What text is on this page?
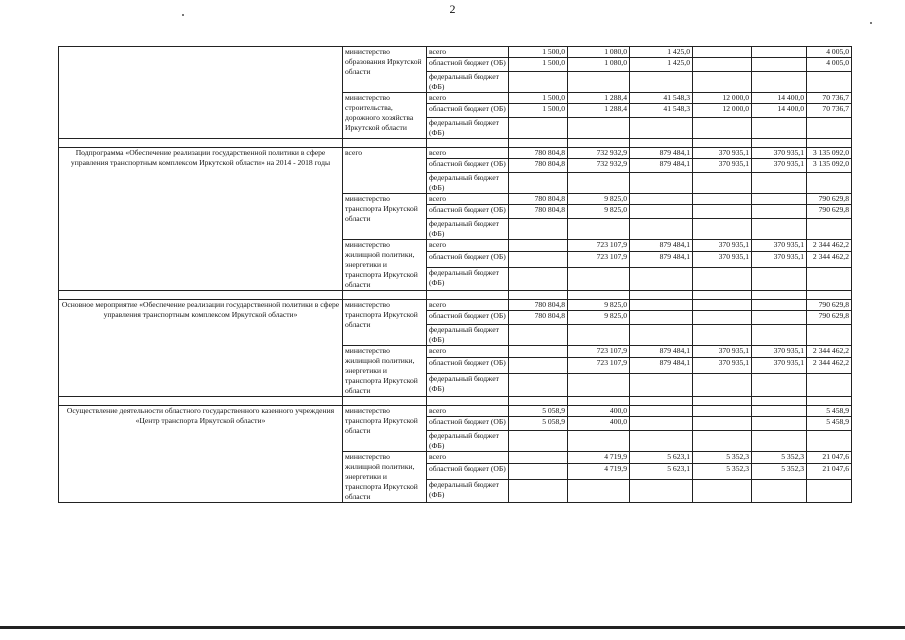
2
	министерство образования Иркутской области	всего	1 500,0	1 080,0	1 425,0			4 005,0
		областной бюджет (ОБ)	1 500,0	1 080,0	1 425,0			4 005,0
		федеральный бюджет (ФБ)						
	министерство строительства, дорожного хозяйства Иркутской области	всего	1 500,0	1 288,4	41 548,3	12 000,0	14 400,0	70 736,7
		областной бюджет (ОБ)	1 500,0	1 288,4	41 548,3	12 000,0	14 400,0	70 736,7
		федеральный бюджет (ФБ)						

Подпрограмма «Обеспечение реализации государственной политики в сфере управления транспортным комплексом Иркутской области» на 2014 - 2018 годы	всего	всего	780 804,8	732 932,9	879 484,1	370 935,1	370 935,1	3 135 092,0
		областной бюджет (ОБ)	780 804,8	732 932,9	879 484,1	370 935,1	370 935,1	3 135 092,0
		федеральный бюджет (ФБ)						
	министерство транспорта Иркутской области	всего	780 804,8	9 825,0				790 629,8
		областной бюджет (ОБ)	780 804,8	9 825,0				790 629,8
		федеральный бюджет (ФБ)						
	министерство жилищной политики, энергетики и транспорта Иркутской области	всего		723 107,9	879 484,1	370 935,1	370 935,1	2 344 462,2
		областной бюджет (ОБ)		723 107,9	879 484,1	370 935,1	370 935,1	2 344 462,2
		федеральный бюджет (ФБ)						

Основное мероприятие «Обеспечение реализации государственной политики в сфере управления транспортным комплексом Иркутской области»	министерство транспорта Иркутской области	всего	780 804,8	9 825,0				790 629,8
		областной бюджет (ОБ)	780 804,8	9 825,0				790 629,8
		федеральный бюджет (ФБ)						
	министерство жилищной политики, энергетики и транспорта Иркутской области	всего		723 107,9	879 484,1	370 935,1	370 935,1	2 344 462,2
		областной бюджет (ОБ)		723 107,9	879 484,1	370 935,1	370 935,1	2 344 462,2
		федеральный бюджет (ФБ)						

Осуществление деятельности областного государственного казенного учреждения «Центр транспорта Иркутской области»	министерство транспорта Иркутской области	всего	5 058,9	400,0				5 458,9
		областной бюджет (ОБ)	5 058,9	400,0				5 458,9
		федеральный бюджет (ФБ)						
	министерство жилищной политики, энергетики и транспорта Иркутской области	всего		4 719,9	5 623,1	5 352,3	5 352,3	21 047,6
		областной бюджет (ОБ)		4 719,9	5 623,1	5 352,3	5 352,3	21 047,6
		федеральный бюджет (ФБ)						
